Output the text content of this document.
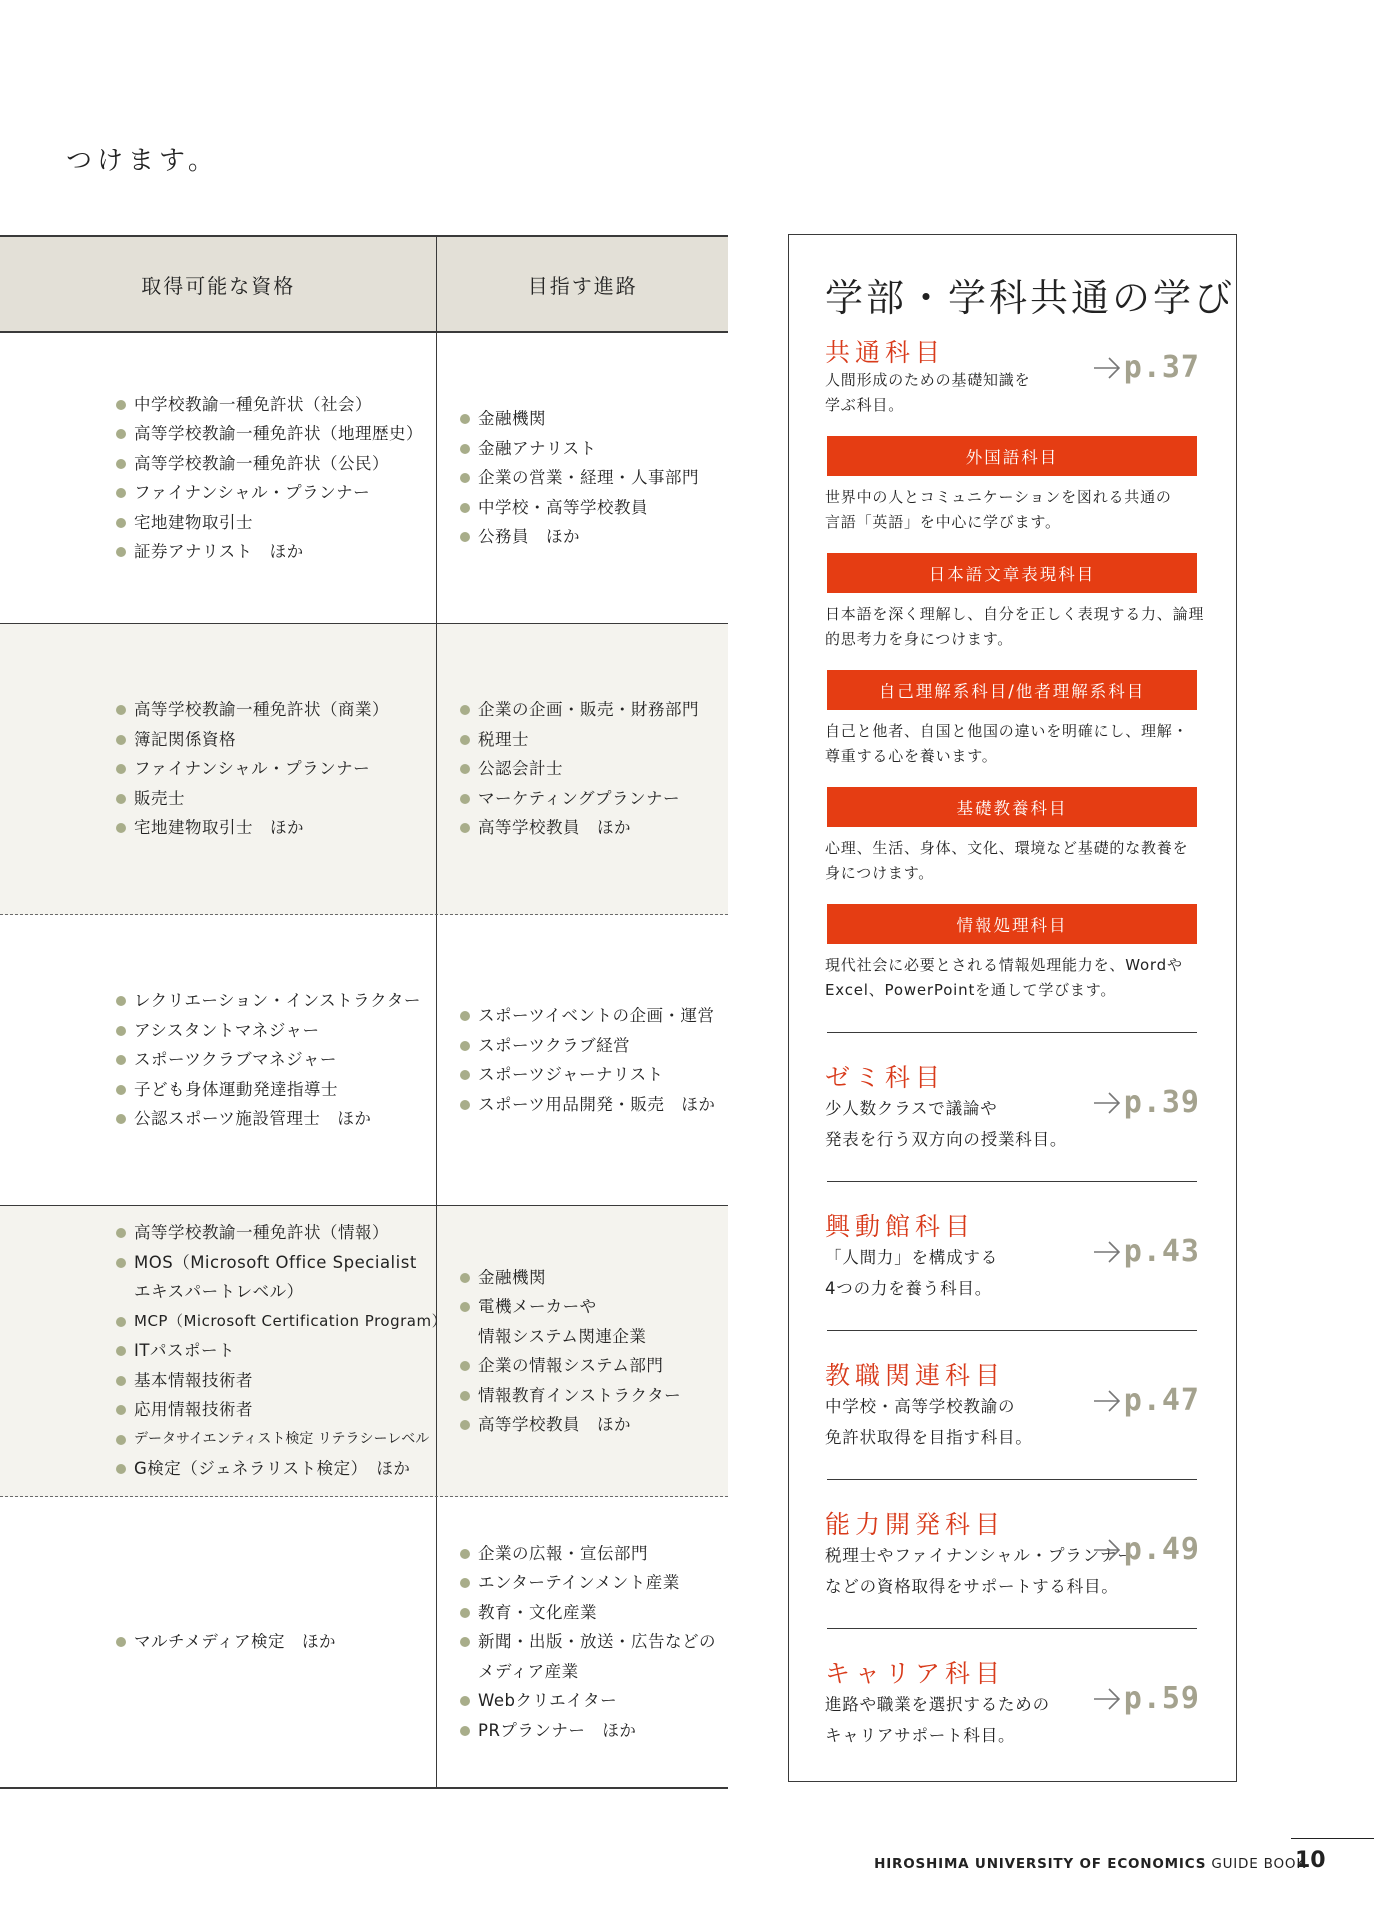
つけます。
取得可能な資格	目指す進路
中学校教諭一種免許状（社会）
高等学校教諭一種免許状（地理歴史）
高等学校教諭一種免許状（公民）
ファイナンシャル・プランナー
宅地建物取引士
証券アナリスト　ほか
金融機関
金融アナリスト
企業の営業・経理・人事部門
中学校・高等学校教員
公務員　ほか
高等学校教諭一種免許状（商業）
簿記関係資格
ファイナンシャル・プランナー
販売士
宅地建物取引士　ほか
企業の企画・販売・財務部門
税理士
公認会計士
マーケティングプランナー
高等学校教員　ほか
レクリエーション・インストラクター
アシスタントマネジャー
スポーツクラブマネジャー
子ども身体運動発達指導士
公認スポーツ施設管理士　ほか
スポーツイベントの企画・運営
スポーツクラブ経営
スポーツジャーナリスト
スポーツ用品開発・販売　ほか
高等学校教諭一種免許状（情報）
MOS（Microsoft Office Specialist
エキスパートレベル）
MCP（Microsoft Certification Program）
ITパスポート
基本情報技術者
応用情報技術者
データサイエンティスト検定 リテラシーレベル
G検定（ジェネラリスト検定）　ほか
金融機関
電機メーカーや
情報システム関連企業
企業の情報システム部門
情報教育インストラクター
高等学校教員　ほか
マルチメディア検定　ほか
企業の広報・宣伝部門
エンターテインメント産業
教育・文化産業
新聞・出版・放送・広告などの
メディア産業
Webクリエイター
PRプランナー　ほか
学部・学科共通の学び
共通科目
人間形成のための基礎知識を
学ぶ科目。
p.37
外国語科目
世界中の人とコミュニケーションを図れる共通の
言語「英語」を中心に学びます。
日本語文章表現科目
日本語を深く理解し、自分を正しく表現する力、論理
的思考力を身につけます。
自己理解系科目/他者理解系科目
自己と他者、自国と他国の違いを明確にし、理解・
尊重する心を養います。
基礎教養科目
心理、生活、身体、文化、環境など基礎的な教養を
身につけます。
情報処理科目
現代社会に必要とされる情報処理能力を、Wordや
Excel、PowerPointを通して学びます。
ゼミ科目
少人数クラスで議論や
発表を行う双方向の授業科目。
p.39
興動館科目
「人間力」を構成する
4つの力を養う科目。
p.43
教職関連科目
中学校・高等学校教諭の
免許状取得を目指す科目。
p.47
能力開発科目
税理士やファイナンシャル・プランナー
などの資格取得をサポートする科目。
p.49
キャリア科目
進路や職業を選択するための
キャリアサポート科目。
p.59
HIROSHIMA UNIVERSITY OF ECONOMICS GUIDE BOOK
10
